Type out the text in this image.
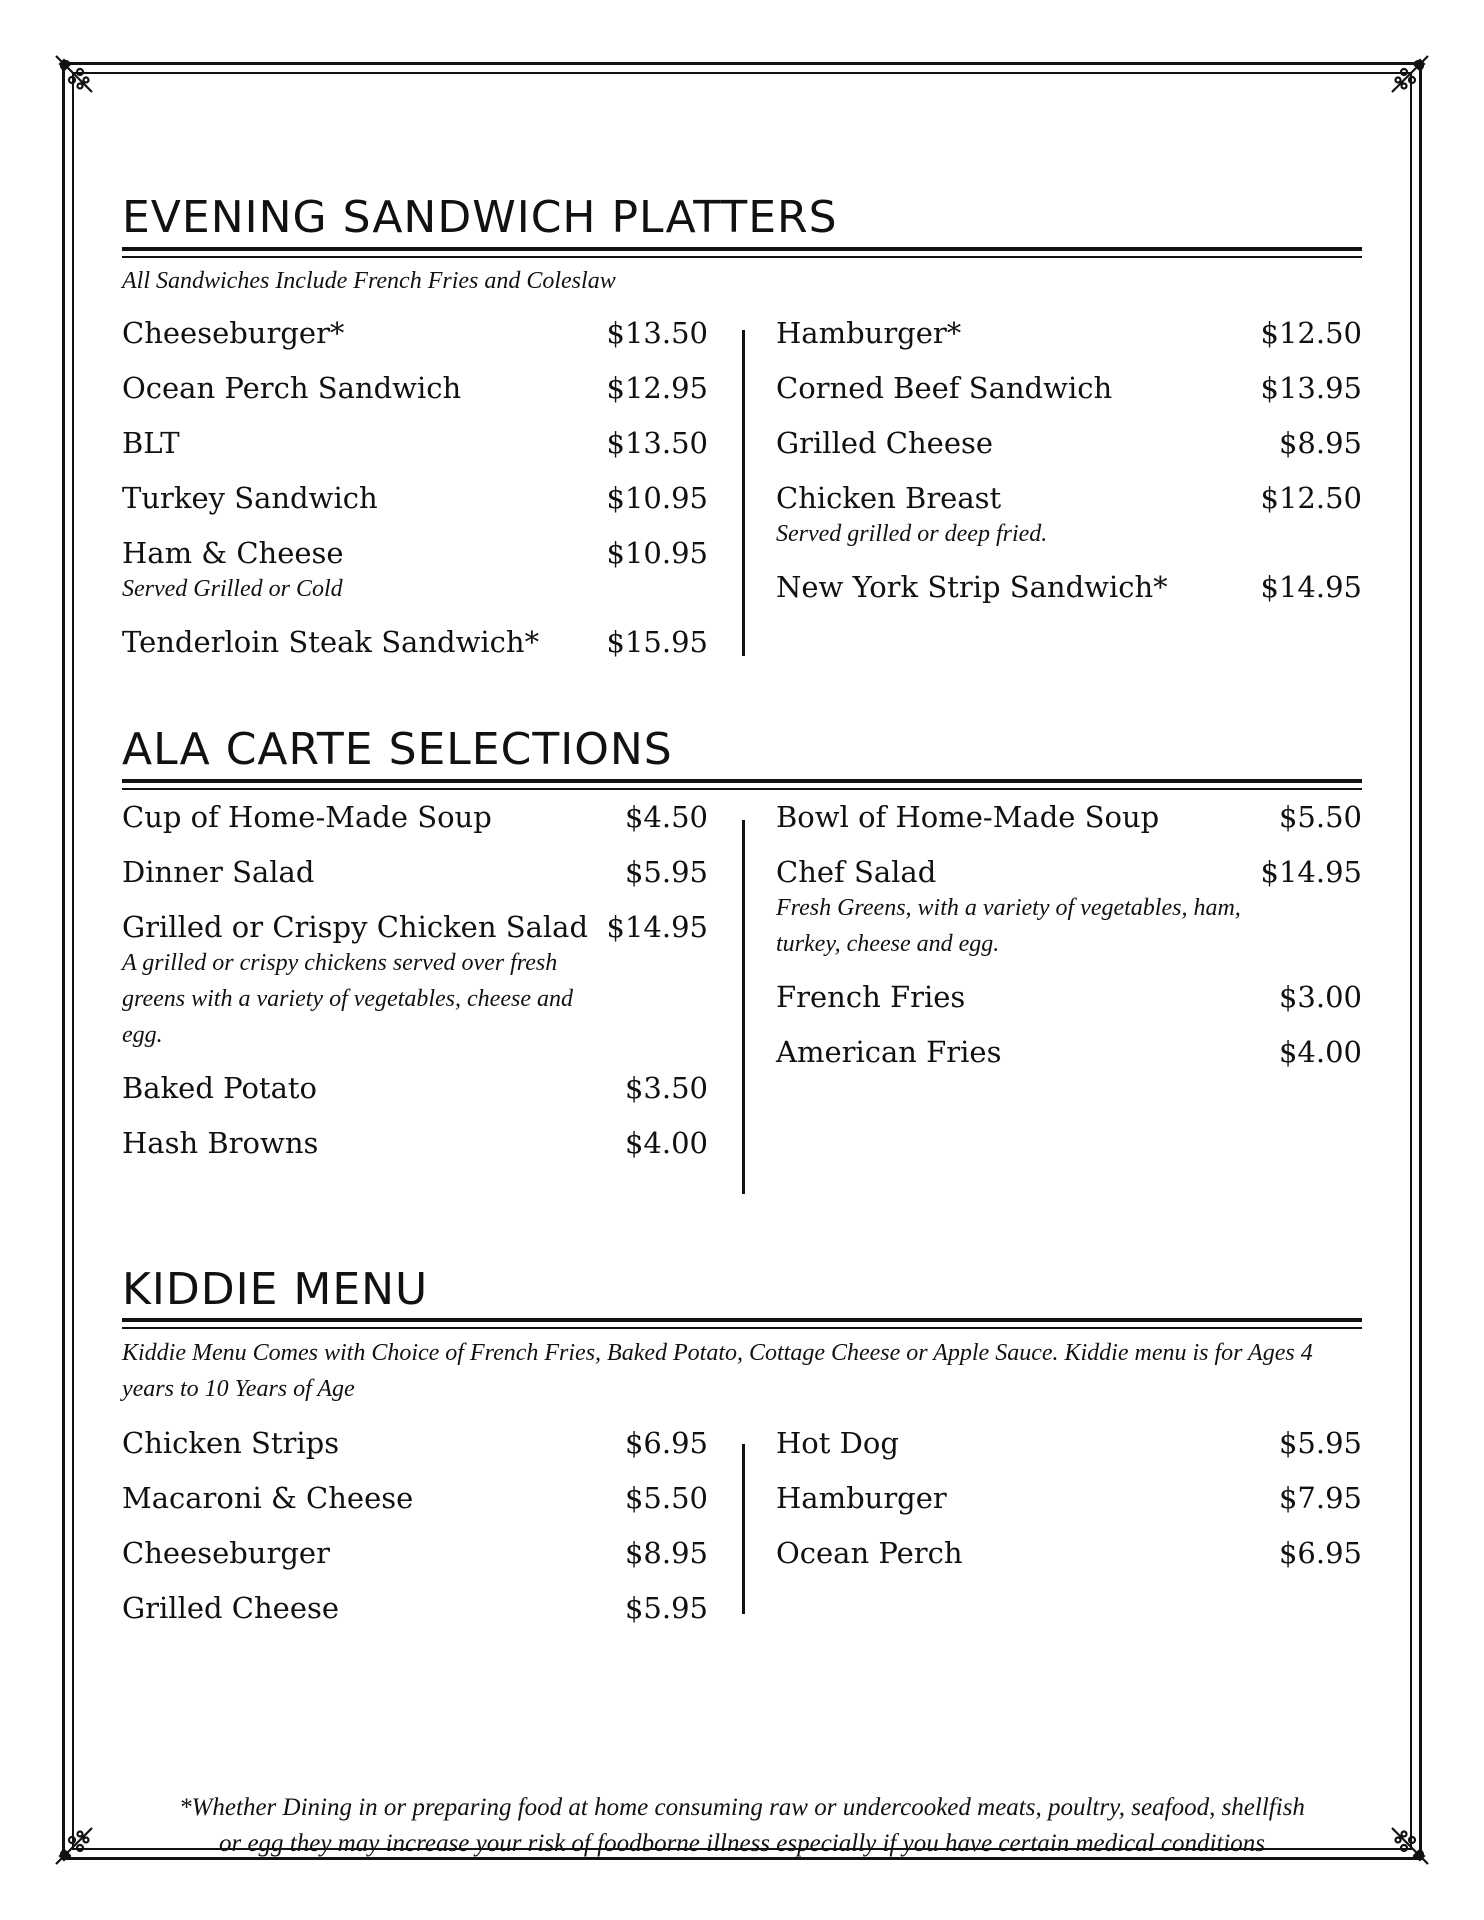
EVENING SANDWICH PLATTERS

All Sandwiches Include French Fries and Coleslaw

Cheeseburger*	$13.50
Ocean Perch Sandwich	$12.95
BLT	$13.50
Turkey Sandwich	$10.95
Ham & Cheese	$10.95
Served Grilled or Cold
Tenderloin Steak Sandwich* $15.95
Hamburger*	$12.50
Corned Beef Sandwich	$13.95
Grilled Cheese	$8.95
Chicken Breast	$12.50
Served grilled or deep fried.
New York Strip Sandwich*	$14.95
ALA CARTE SELECTIONS
Cup of Home-Made Soup	$4.50
Dinner Salad	$5.95
Grilled or Crispy Chicken Salad $14.95
A grilled or crispy chickens served over fresh greens with a variety of vegetables, cheese and egg.
Baked Potato	$3.50
Hash Browns	$4.00
Bowl of Home-Made Soup	$5.50
Chef Salad	$14.95
Fresh Greens, with a variety of vegetables, ham, turkey, cheese and egg.
French Fries	$3.00
American Fries	$4.00
KIDDIE MENU

Kiddie Menu Comes with Choice of French Fries, Baked Potato, Cottage Cheese or Apple Sauce. Kiddie menu is for Ages 4 years to 10 Years of Age

Chicken Strips	$6.95
Macaroni & Cheese	$5.50
Cheeseburger	$8.95
Grilled Cheese	$5.95
Hot Dog	$5.95
Hamburger	$7.95
Ocean Perch	$6.95

*Whether Dining in or preparing food at home consuming raw or undercooked meats, poultry, seafood, shellfish
or egg they may increase your risk of foodborne illness especially if you have certain medical conditions
